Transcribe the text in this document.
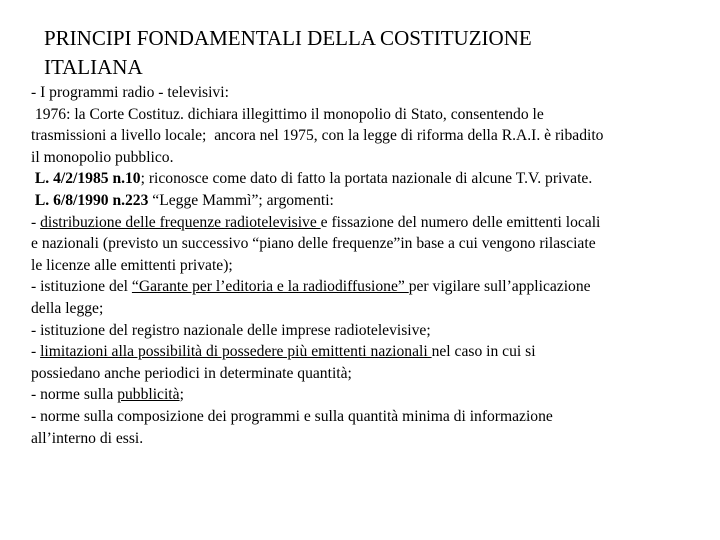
PRINCIPI FONDAMENTALI DELLA COSTITUZIONE
ITALIANA
- I programmi radio - televisivi:
1976: la Corte Costituz. dichiara illegittimo il monopolio di Stato, consentendo le
trasmissioni a livello locale;  ancora nel 1975, con la legge di riforma della R.A.I. è ribadito
il monopolio pubblico.
L. 4/2/1985 n.10; riconosce come dato di fatto la portata nazionale di alcune T.V. private.
L. 6/8/1990 n.223 “Legge Mammì”; argomenti:
- distribuzione delle frequenze radiotelevisive e fissazione del numero delle emittenti locali
e nazionali (previsto un successivo “piano delle frequenze”in base a cui vengono rilasciate
le licenze alle emittenti private);
- istituzione del “Garante per l’editoria e la radiodiffusione” per vigilare sull’applicazione
della legge;
- istituzione del registro nazionale delle imprese radiotelevisive;
- limitazioni alla possibilità di possedere più emittenti nazionali nel caso in cui si
possiedano anche periodici in determinate quantità;
- norme sulla pubblicità;
- norme sulla composizione dei programmi e sulla quantità minima di informazione
all’interno di essi.
